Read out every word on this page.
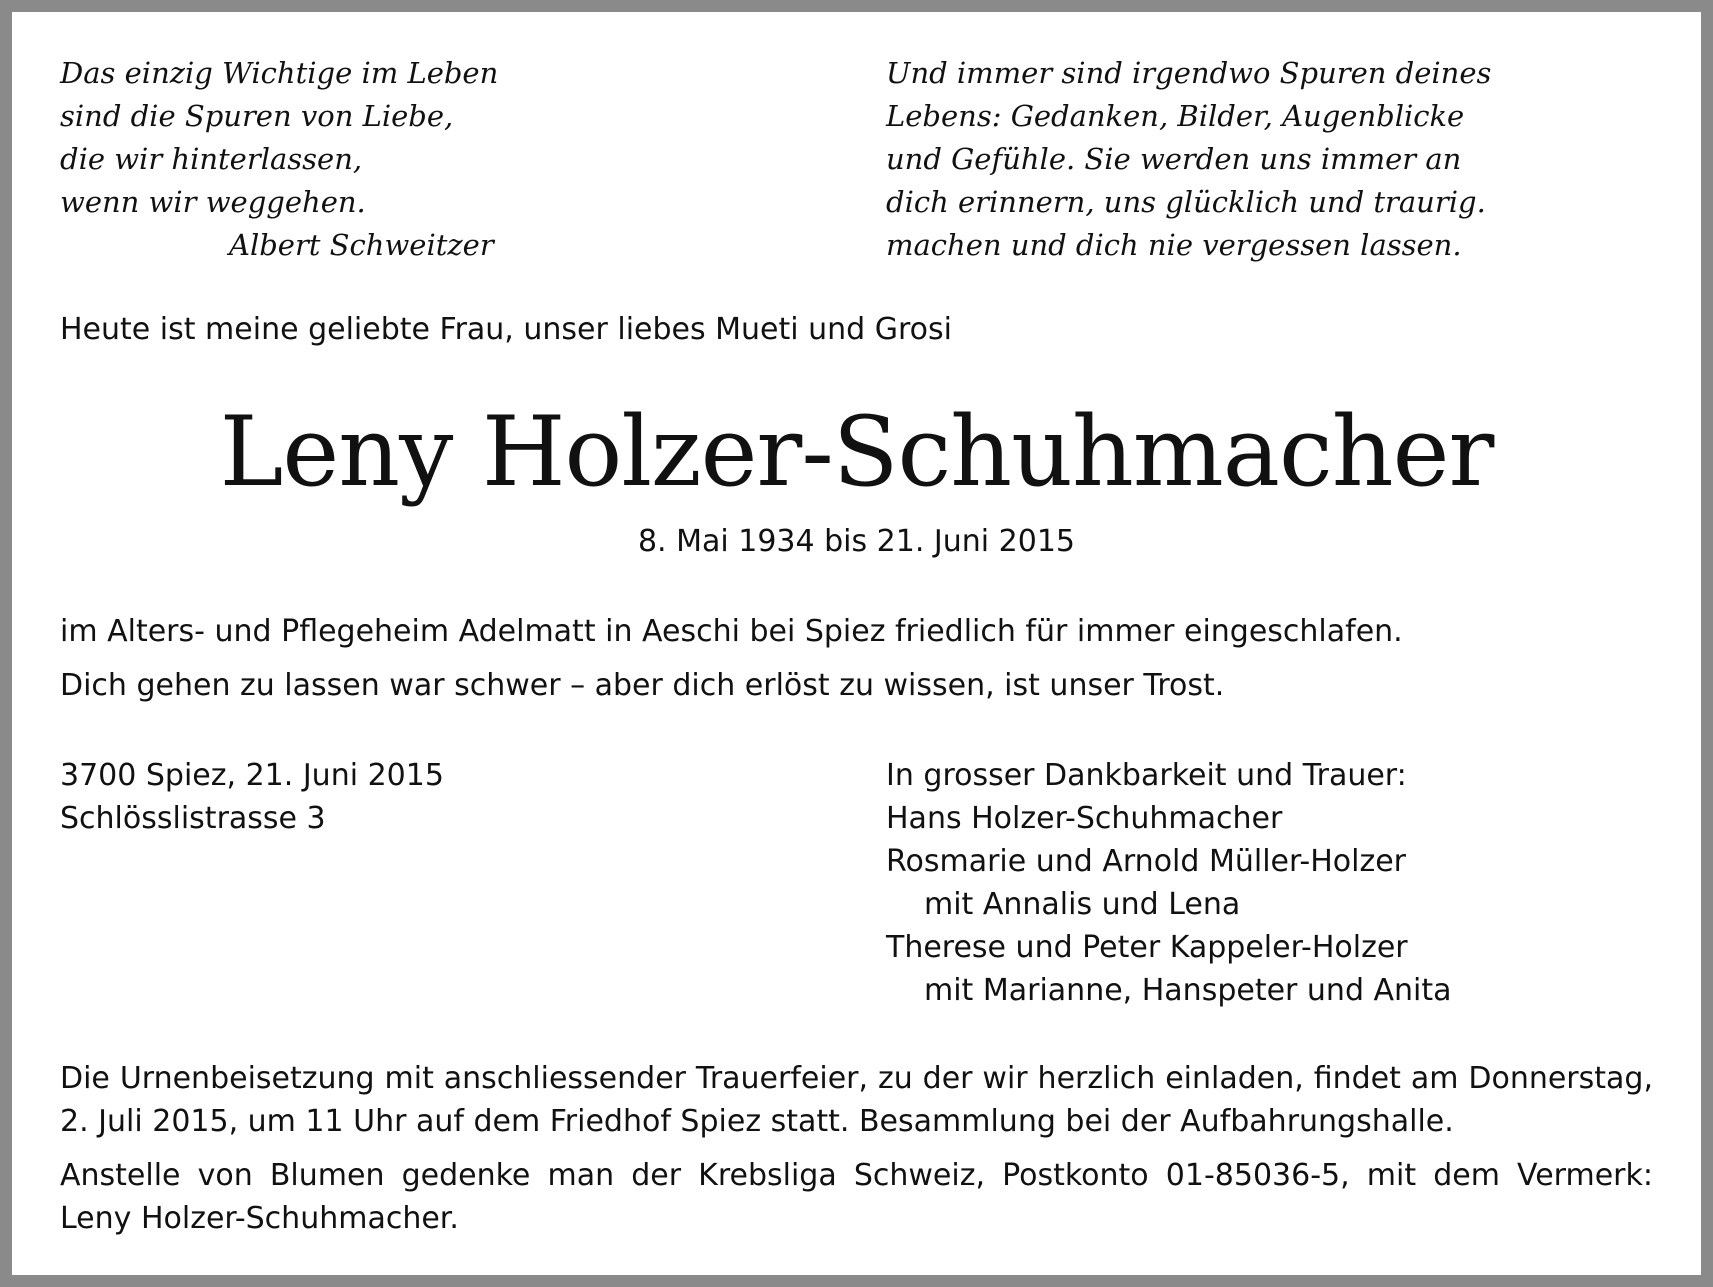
Das einzig Wichtige im Leben
sind die Spuren von Liebe,
die wir hinterlassen,
wenn wir weggehen.
Albert Schweitzer
Und immer sind irgendwo Spuren deines
Lebens: Gedanken, Bilder, Augenblicke
und Gefühle. Sie werden uns immer an
dich erinnern, uns glücklich und traurig.
machen und dich nie vergessen lassen.
Heute ist meine geliebte Frau, unser liebes Mueti und Grosi
Leny Holzer-Schuhmacher
8. Mai 1934 bis 21. Juni 2015
im Alters- und Pflegeheim Adelmatt in Aeschi bei Spiez friedlich für immer eingeschlafen.
Dich gehen zu lassen war schwer – aber dich erlöst zu wissen, ist unser Trost.
3700 Spiez, 21. Juni 2015
Schlösslistrasse 3
In grosser Dankbarkeit und Trauer:
Hans Holzer-Schuhmacher
Rosmarie und Arnold Müller-Holzer
mit Annalis und Lena
Therese und Peter Kappeler-Holzer
mit Marianne, Hanspeter und Anita
Die Urnenbeisetzung mit anschliessender Trauerfeier, zu der wir herzlich einladen, findet am Donnerstag,
2. Juli 2015, um 11 Uhr auf dem Friedhof Spiez statt. Besammlung bei der Aufbahrungshalle.
Anstelle von Blumen gedenke man der Krebsliga Schweiz, Postkonto 01-85036-5, mit dem Vermerk:
Leny Holzer-Schuhmacher.
